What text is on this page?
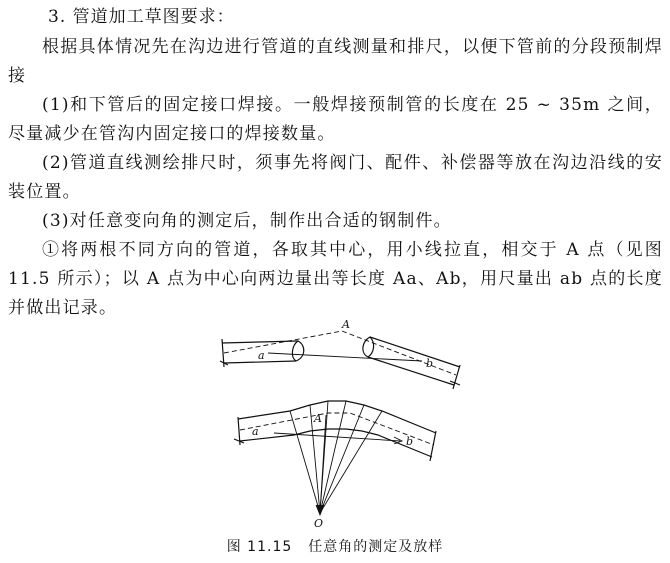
3. 管道加工草图要求：

根据具体情况先在沟边进行管道的直线测量和排尺，以便下管前的分段预制焊接

(1)和下管后的固定接口焊接。一般焊接预制管的长度在 25 ~ 35m 之间，尽量减少在管沟内固定接口的焊接数量。

(2)管道直线测绘排尺时，须事先将阀门、配件、补偿器等放在沟边沿线的安装位置。

(3)对任意变向角的测定后，制作出合适的钢制件。

①将两根不同方向的管道，各取其中心，用小线拉直，相交于 A 点（见图 11.5 所示）；以 A 点为中心向两边量出等长度 Aa、Ab，用尺量出 ab 点的长度并做出记录。

A
a
b
A
a
b
O
图 11.15 任意角的测定及放样
